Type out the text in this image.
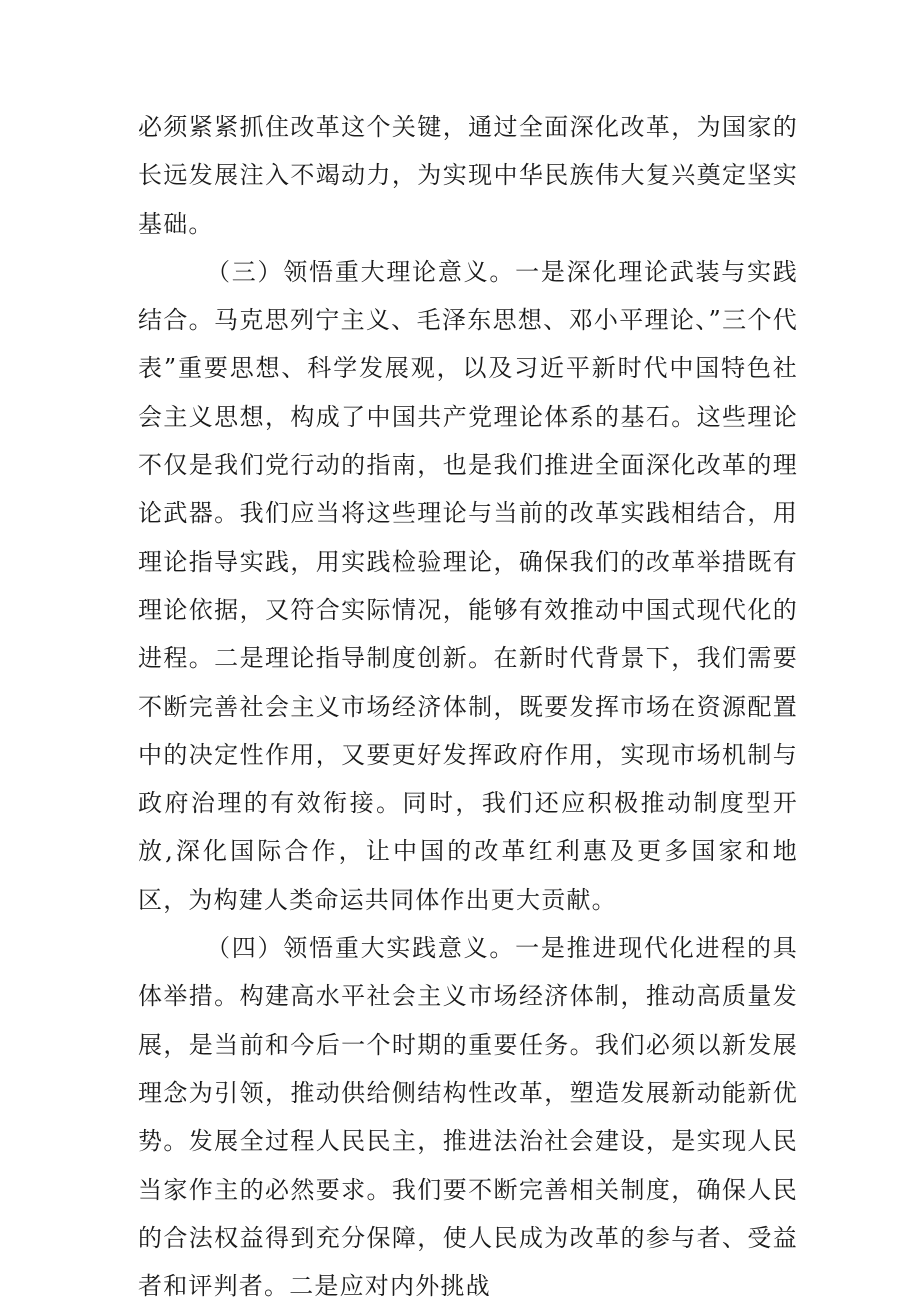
必须紧紧抓住改革这个关键，通过全面深化改革，为国家的长远发展注入不竭动力，为实现中华民族伟大复兴奠定坚实基础。

（三）领悟重大理论意义。一是深化理论武装与实践结合。马克思列宁主义、毛泽东思想、邓小平理论、”三个代表”重要思想、科学发展观，以及习近平新时代中国特色社会主义思想，构成了中国共产党理论体系的基石。这些理论不仅是我们党行动的指南，也是我们推进全面深化改革的理论武器。我们应当将这些理论与当前的改革实践相结合，用理论指导实践，用实践检验理论，确保我们的改革举措既有理论依据，又符合实际情况，能够有效推动中国式现代化的进程。二是理论指导制度创新。在新时代背景下，我们需要不断完善社会主义市场经济体制，既要发挥市场在资源配置中的决定性作用，又要更好发挥政府作用，实现市场机制与政府治理的有效衔接。同时，我们还应积极推动制度型开放,深化国际合作，让中国的改革红利惠及更多国家和地区，为构建人类命运共同体作出更大贡献。

（四）领悟重大实践意义。一是推进现代化进程的具体举措。构建高水平社会主义市场经济体制，推动高质量发展，是当前和今后一个时期的重要任务。我们必须以新发展理念为引领，推动供给侧结构性改革，塑造发展新动能新优势。发展全过程人民民主，推进法治社会建设，是实现人民当家作主的必然要求。我们要不断完善相关制度，确保人民的合法权益得到充分保障，使人民成为改革的参与者、受益者和评判者。二是应对内外挑战
